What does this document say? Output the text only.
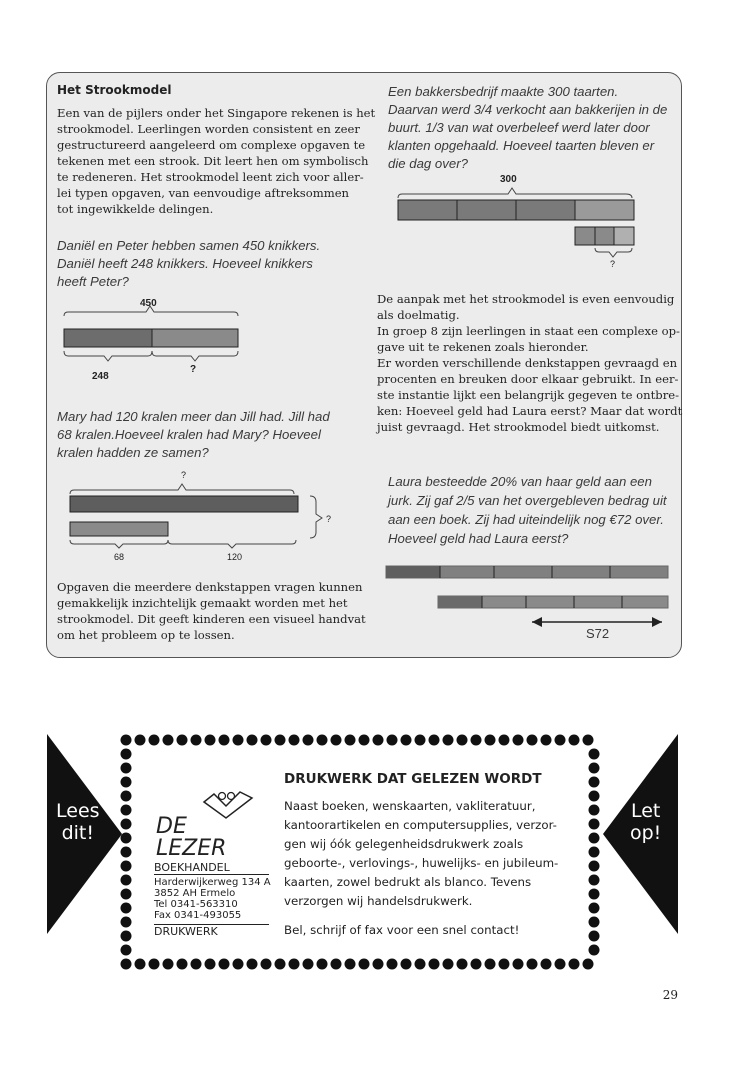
Het Strookmodel
Een van de pijlers onder het Singapore rekenen is het
strookmodel. Leerlingen worden consistent en zeer
gestructureerd aangeleerd om complexe opgaven te
tekenen met een strook. Dit leert hen om symbolisch
te redeneren. Het strookmodel leent zich voor aller-
lei typen opgaven, van eenvoudige aftreksommen
tot ingewikkelde delingen.
Daniël en Peter hebben samen 450 knikkers.
Daniël heeft 248 knikkers. Hoeveel knikkers
heeft Peter?
450
248
?
Mary had 120 kralen meer dan Jill had. Jill had
68 kralen.Hoeveel kralen had Mary? Hoeveel
kralen hadden ze samen?
?
?
68	120
Opgaven die meerdere denkstappen vragen kunnen
gemakkelijk inzichtelijk gemaakt worden met het
strookmodel. Dit geeft kinderen een visueel handvat
om het probleem op te lossen.
Een bakkersbedrijf maakte 300 taarten.
Daarvan werd 3/4 verkocht aan bakkerijen in de
buurt. 1/3 van wat overbeleef werd later door
klanten opgehaald. Hoeveel taarten bleven er
die dag over?
300
?
De aanpak met het strookmodel is even eenvoudig
als doelmatig.
In groep 8 zijn leerlingen in staat een complexe op-
gave uit te rekenen zoals hieronder.
Er worden verschillende denkstappen gevraagd en
procenten en breuken door elkaar gebruikt. In eer-
ste instantie lijkt een belangrijk gegeven te ontbre-
ken: Hoeveel geld had Laura eerst? Maar dat wordt
juist gevraagd. Het strookmodel biedt uitkomst.
Laura besteedde 20% van haar geld aan een
jurk. Zij gaf 2/5 van het overgebleven bedrag uit
aan een boek. Zij had uiteindelijk nog €72 over.
Hoeveel geld had Laura eerst?
S72
Lees
dit!
Let
op!
DE
LEZER
BOEKHANDEL
Harderwijkerweg 134 A
3852 AH Ermelo
Tel 0341-563310
Fax 0341-493055
DRUKWERK
DRUKWERK DAT GELEZEN WORDT
Naast boeken, wenskaarten, vakliteratuur,
kantoorartikelen en computersupplies, verzor-
gen wij óók gelegenheidsdrukwerk zoals
geboorte-, verlovings-, huwelijks- en jubileum-
kaarten, zowel bedrukt als blanco. Tevens
verzorgen wij handelsdrukwerk.
Bel, schrijf of fax voor een snel contact!
29
